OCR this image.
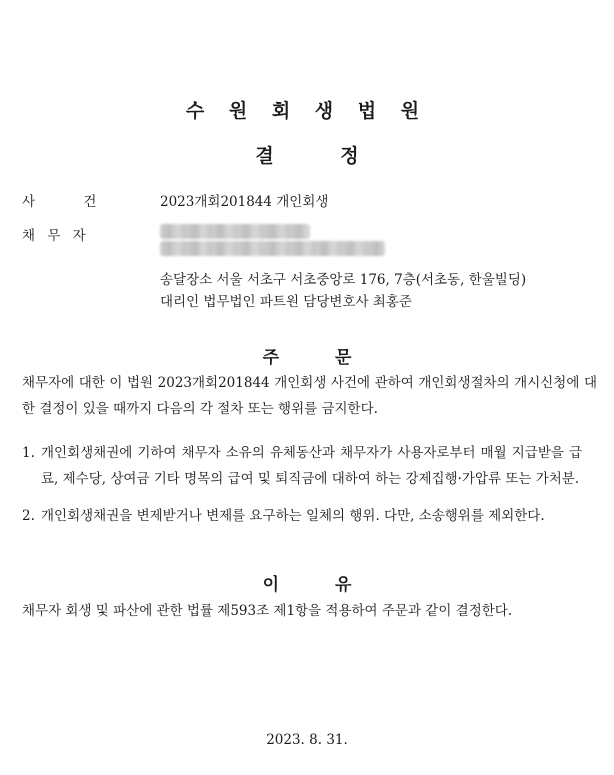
수 원 회 생 법 원
결 정
사 건	2023개회201844 개인회생
채 무 자
송달장소 서울 서초구 서초중앙로 176, 7층(서초동, 한울빌딩)
대리인 법무법인 파트원 담당변호사 최홍준
주 문

채무자에 대한 이 법원 2023개회201844 개인회생 사건에 관하여 개인회생절차의 개시신청에 대한 결정이 있을 때까지 다음의 각 절차 또는 행위를 금지한다.

1. 개인회생채권에 기하여 채무자 소유의 유체동산과 채무자가 사용자로부터 매월 지급받을 급료, 제수당, 상여금 기타 명목의 급여 및 퇴직금에 대하여 하는 강제집행·가압류 또는 가처분.
2. 개인회생채권을 변제받거나 변제를 요구하는 일체의 행위. 다만, 소송행위를 제외한다.
이 유

채무자 회생 및 파산에 관한 법률 제593조 제1항을 적용하여 주문과 같이 결정한다.

2023. 8. 31.
